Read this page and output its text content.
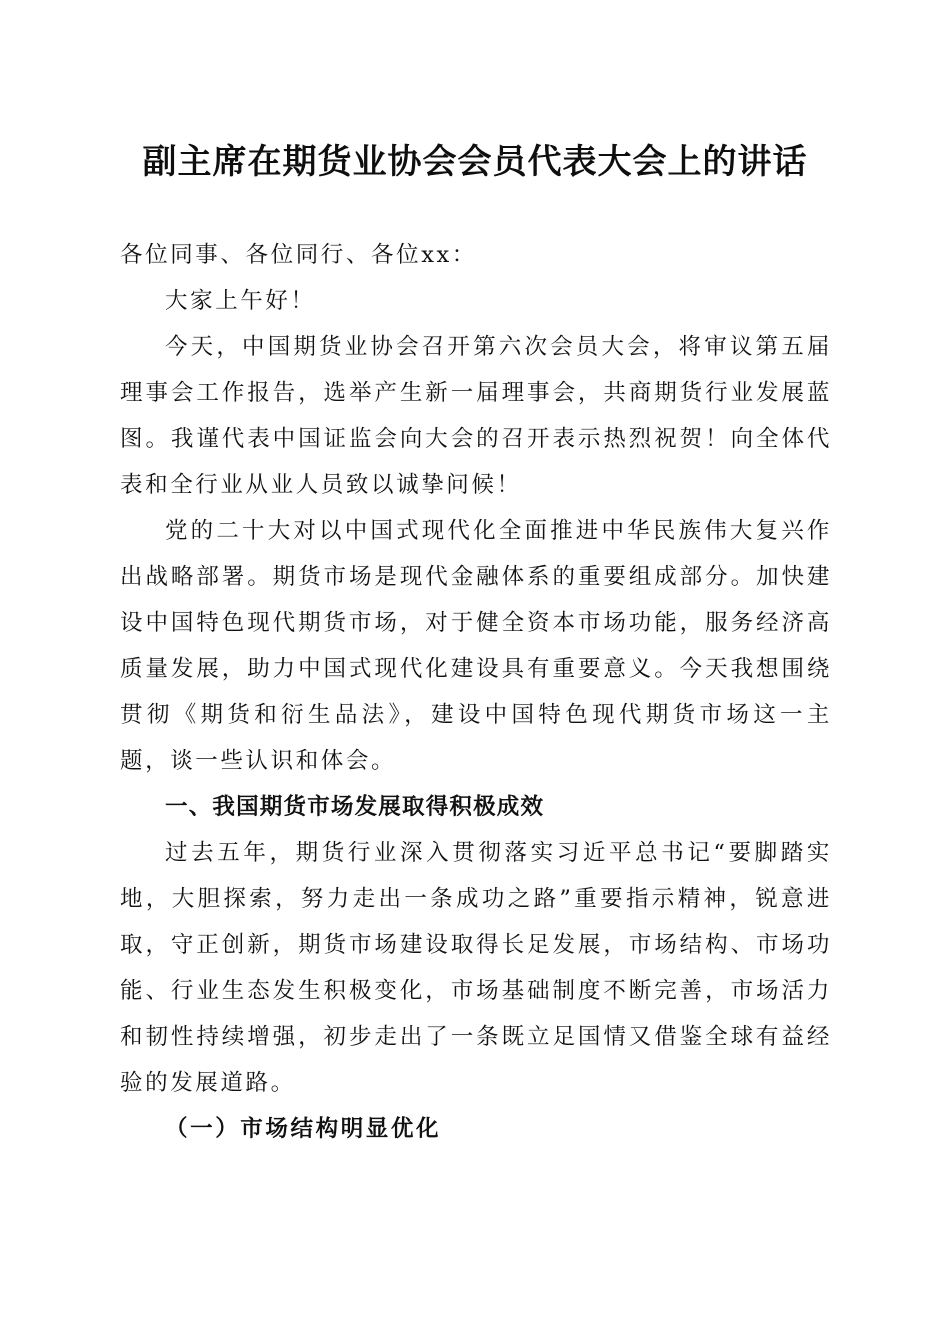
副主席在期货业协会会员代表大会上的讲话

各位同事、各位同行、各位xx：

大家上午好！

今天，中国期货业协会召开第六次会员大会，将审议第五届理事会工作报告，选举产生新一届理事会，共商期货行业发展蓝图。我谨代表中国证监会向大会的召开表示热烈祝贺！向全体代表和全行业从业人员致以诚挚问候！

党的二十大对以中国式现代化全面推进中华民族伟大复兴作出战略部署。期货市场是现代金融体系的重要组成部分。加快建设中国特色现代期货市场，对于健全资本市场功能，服务经济高质量发展，助力中国式现代化建设具有重要意义。今天我想围绕贯彻《期货和衍生品法》，建设中国特色现代期货市场这一主题，谈一些认识和体会。

一、我国期货市场发展取得积极成效

过去五年，期货行业深入贯彻落实习近平总书记“要脚踏实地，大胆探索，努力走出一条成功之路”重要指示精神，锐意进取，守正创新，期货市场建设取得长足发展，市场结构、市场功能、行业生态发生积极变化，市场基础制度不断完善，市场活力和韧性持续增强，初步走出了一条既立足国情又借鉴全球有益经验的发展道路。

（一）市场结构明显优化
